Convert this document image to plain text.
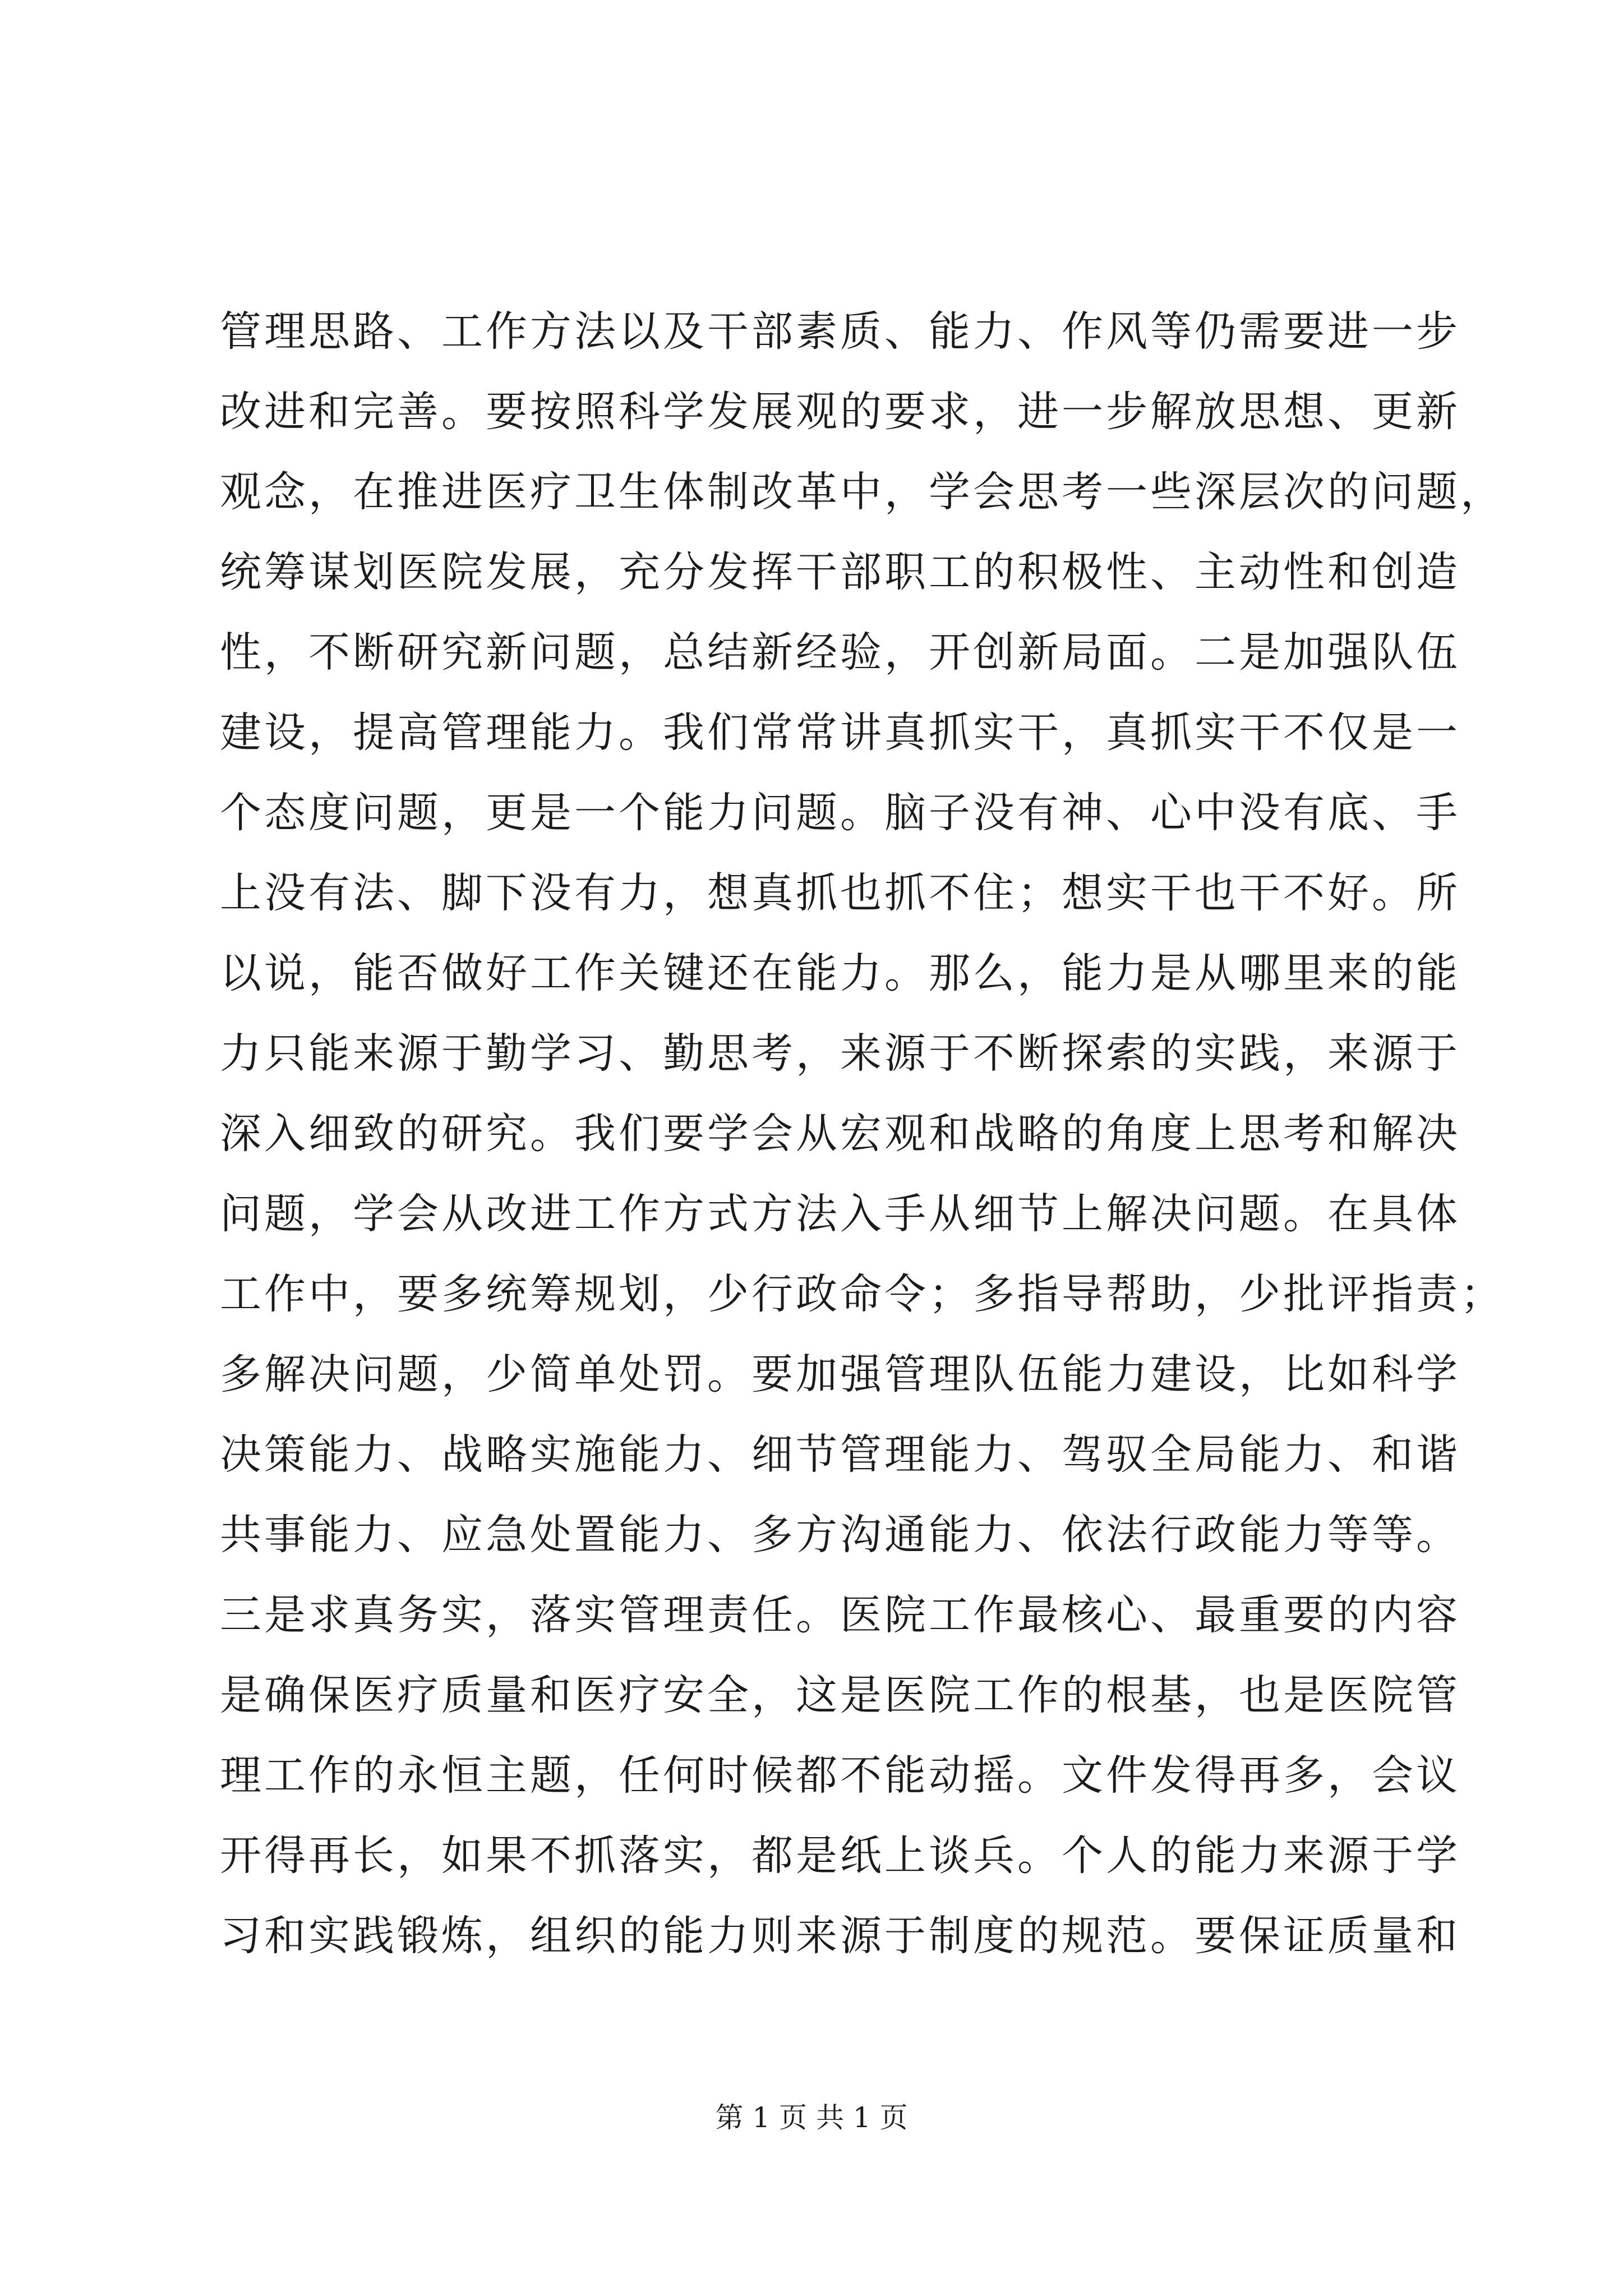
管理思路、工作方法以及干部素质、能力、作风等仍需要进一步
改进和完善。要按照科学发展观的要求，进一步解放思想、更新
观念，在推进医疗卫生体制改革中，学会思考一些深层次的问题，
统筹谋划医院发展，充分发挥干部职工的积极性、主动性和创造
性，不断研究新问题，总结新经验，开创新局面。二是加强队伍
建设，提高管理能力。我们常常讲真抓实干，真抓实干不仅是一
个态度问题，更是一个能力问题。脑子没有神、心中没有底、手
上没有法、脚下没有力，想真抓也抓不住；想实干也干不好。所
以说，能否做好工作关键还在能力。那么，能力是从哪里来的能
力只能来源于勤学习、勤思考，来源于不断探索的实践，来源于
深入细致的研究。我们要学会从宏观和战略的角度上思考和解决
问题，学会从改进工作方式方法入手从细节上解决问题。在具体
工作中，要多统筹规划，少行政命令；多指导帮助，少批评指责；
多解决问题，少简单处罚。要加强管理队伍能力建设，比如科学
决策能力、战略实施能力、细节管理能力、驾驭全局能力、和谐
共事能力、应急处置能力、多方沟通能力、依法行政能力等等。
三是求真务实，落实管理责任。医院工作最核心、最重要的内容
是确保医疗质量和医疗安全，这是医院工作的根基，也是医院管
理工作的永恒主题，任何时候都不能动摇。文件发得再多，会议
开得再长，如果不抓落实，都是纸上谈兵。个人的能力来源于学
习和实践锻炼，组织的能力则来源于制度的规范。要保证质量和
第 1 页 共 1 页
